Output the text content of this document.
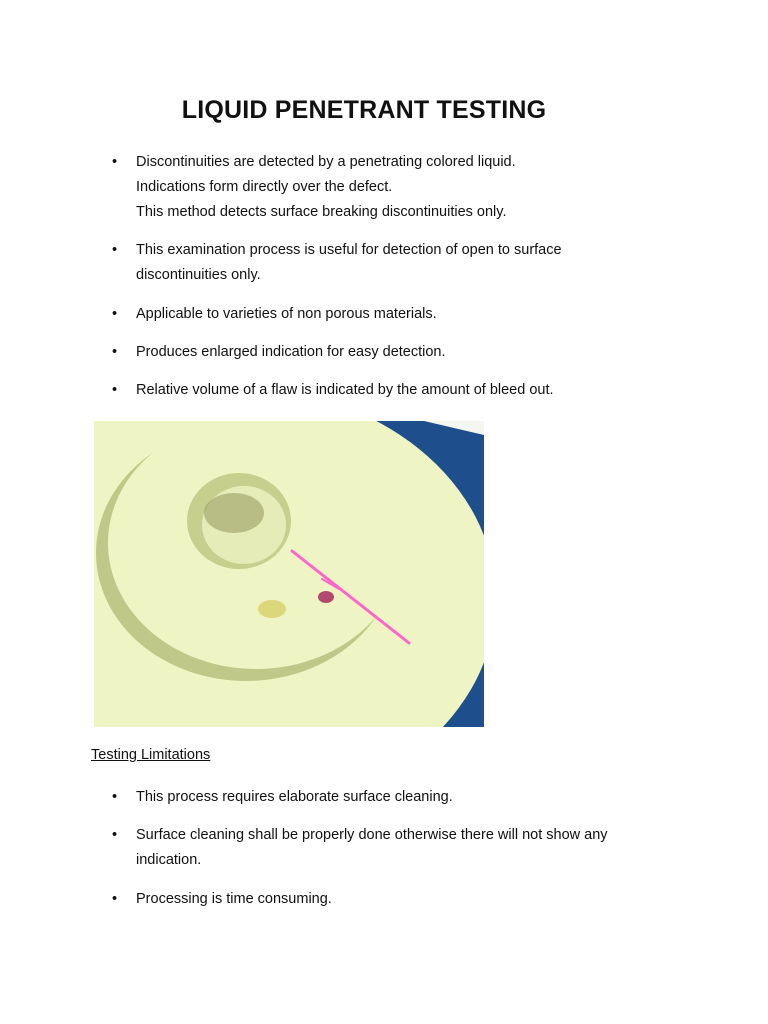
LIQUID PENETRANT TESTING
•	Discontinuities are detected by a penetrating colored liquid.
Indications form directly over the defect.
This method detects surface breaking discontinuities only.
•	This examination process is useful for detection of open to surface
discontinuities only.
•	Applicable to varieties of non porous materials.
•	Produces enlarged indication for easy detection.
•	Relative volume of a flaw is indicated by the amount of bleed out.
Testing Limitations
•	This process requires elaborate surface cleaning.
•	Surface cleaning shall be properly done otherwise there will not show any
indication.
•	Processing is time consuming.
